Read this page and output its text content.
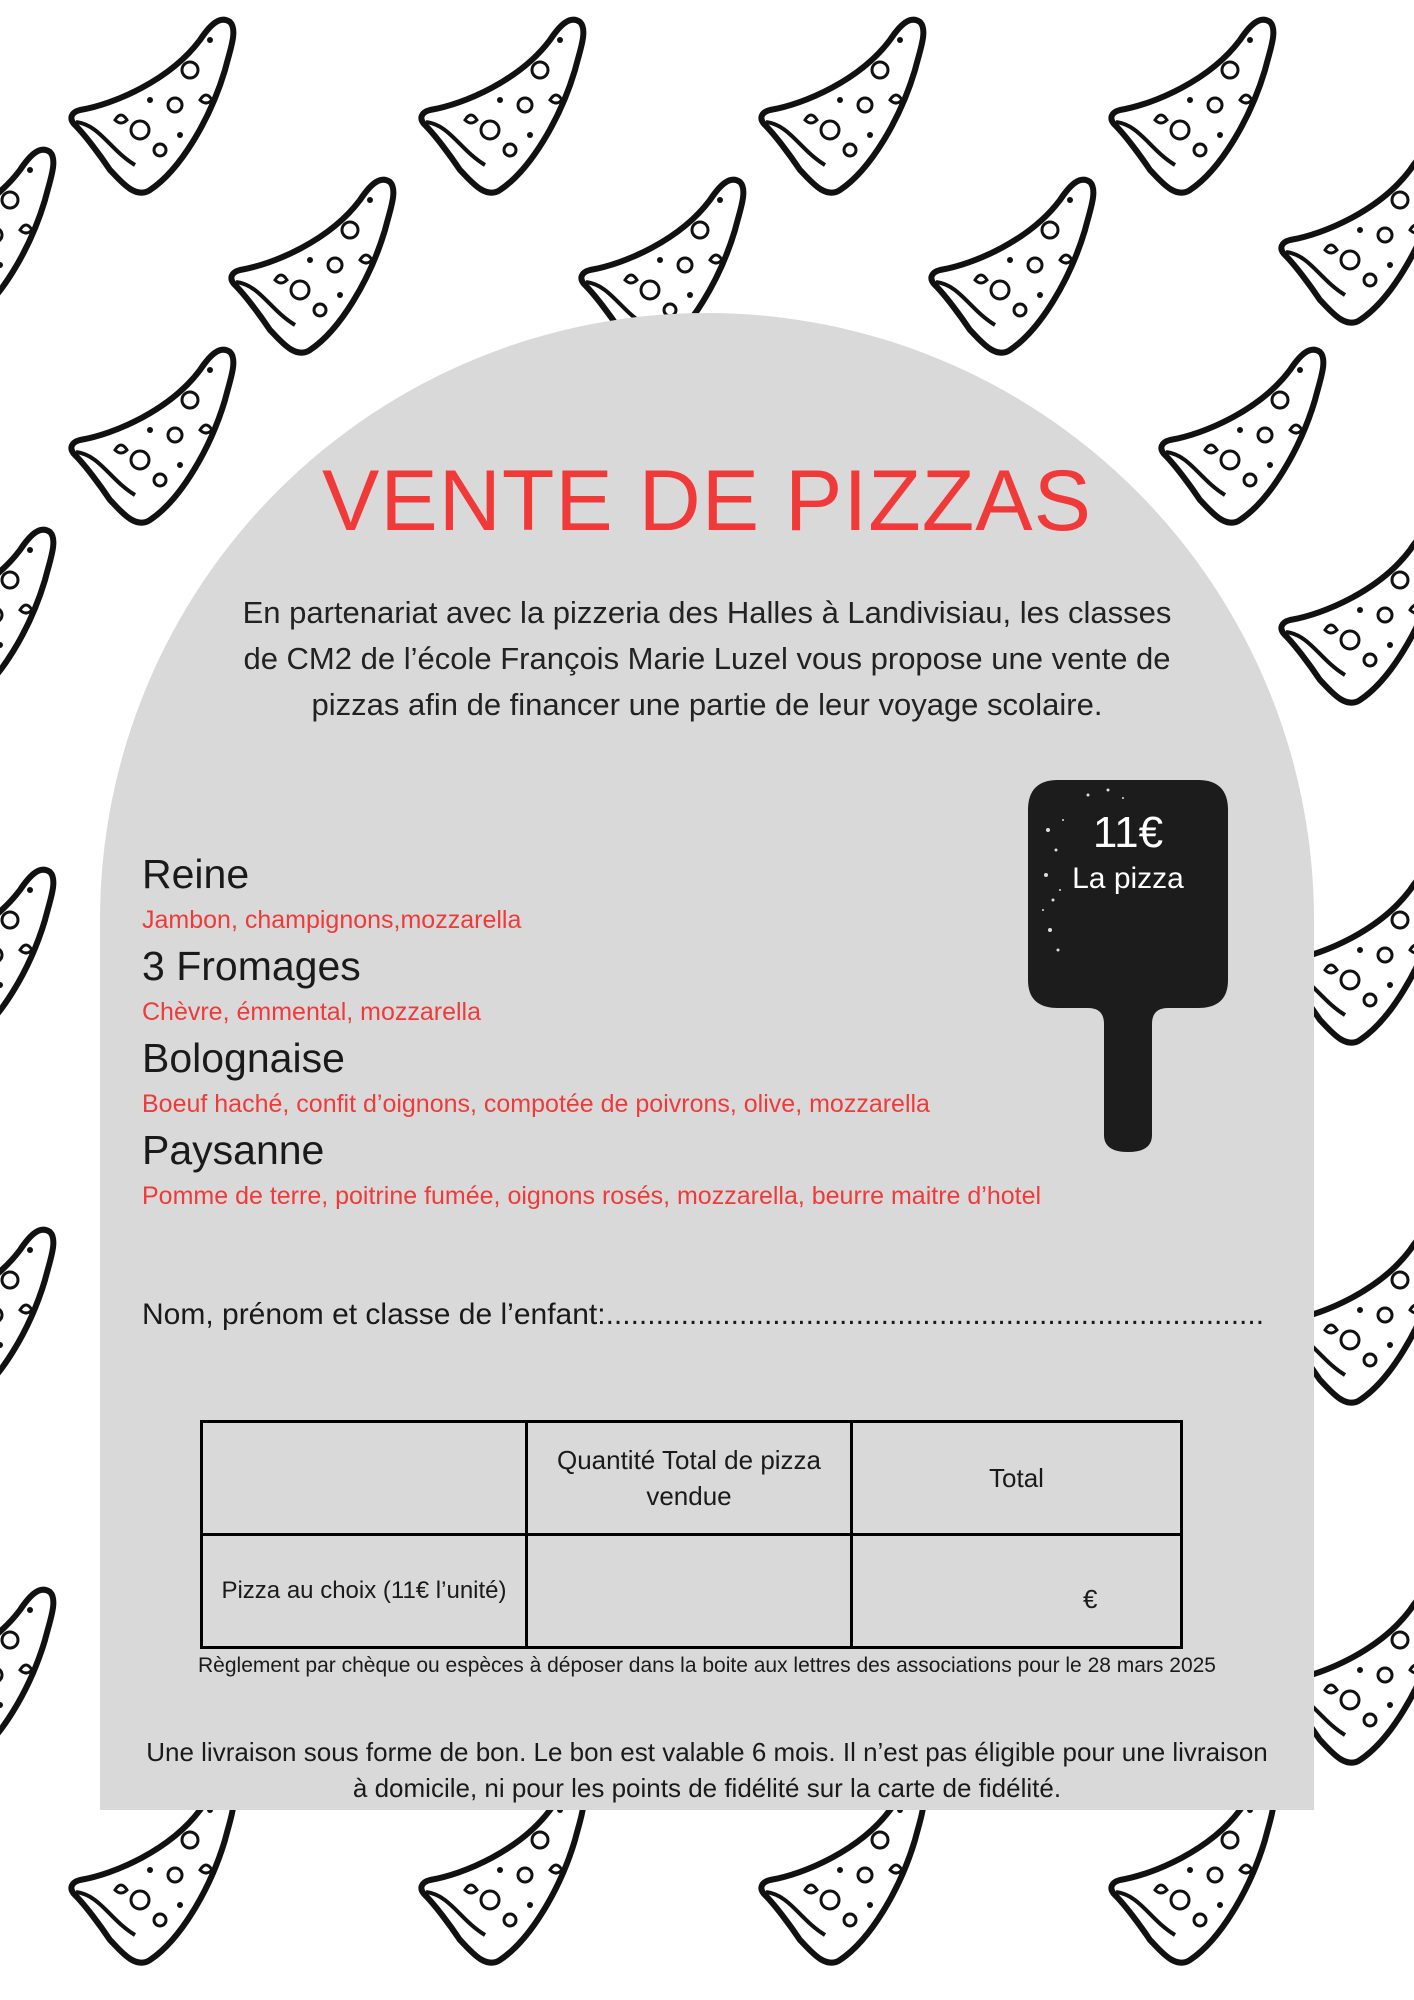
VENTE DE PIZZAS
En partenariat avec la pizzeria des Halles à Landivisiau, les classes
de CM2 de l’école François Marie Luzel vous propose une vente de
pizzas afin de financer une partie de leur voyage scolaire.
11€
La pizza
Reine
Jambon, champignons,mozzarella
3 Fromages
Chèvre, émmental, mozzarella
Bolognaise
Boeuf haché, confit d’oignons, compotée de poivrons, olive, mozzarella
Paysanne
Pomme de terre, poitrine fumée, oignons rosés, mozzarella, beurre maitre d’hotel
Nom, prénom et classe de l’enfant:...............................................................................
	Quantité Total de pizza vendue	Total
Pizza au choix (11€ l’unité)		€
Règlement par chèque ou espèces à déposer dans la boite aux lettres des associations pour le 28 mars 2025
Une livraison sous forme de bon. Le bon est valable 6 mois. Il n’est pas éligible pour une livraison
à domicile, ni pour les points de fidélité sur la carte de fidélité.
